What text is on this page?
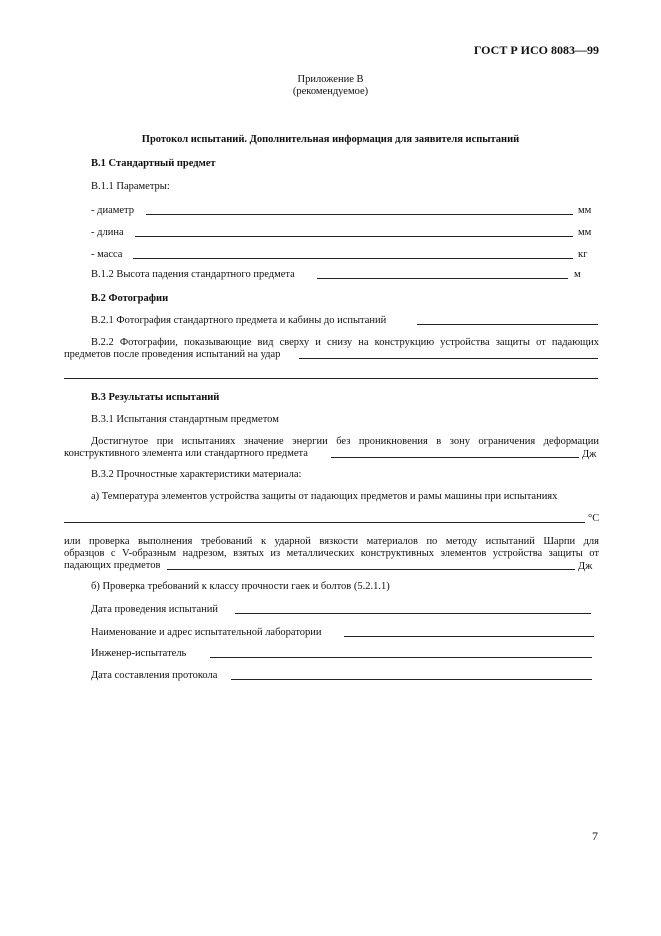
ГОСТ Р ИСО 8083—99
Приложение В
(рекомендуемое)
Протокол испытаний. Дополнительная информация для заявителя испытаний
В.1 Стандартный предмет
В.1.1 Параметры:
- диаметр	мм
- длина	мм
- масса	кг
В.1.2 Высота падения стандартного предмета	м
В.2 Фотографии
В.2.1 Фотография стандартного предмета и кабины до испытаний
В.2.2 Фотографии, показывающие вид сверху и снизу на конструкцию устройства защиты от падающих
предметов после проведения испытаний на удар
В.3 Результаты испытаний
В.3.1 Испытания стандартным предметом
Достигнутое при испытаниях значение энергии без проникновения в зону ограничения деформации
конструктивного элемента или стандартного предмета	Дж
В.3.2 Прочностные характеристики материала:
а) Температура элементов устройства защиты от падающих предметов и рамы машины при испытаниях
°С
или проверка выполнения требований к ударной вязкости материалов по методу испытаний Шарпи для
образцов с V-образным надрезом, взятых из металлических конструктивных элементов устройства защиты от
падающих предметов	Дж
б) Проверка требований к классу прочности гаек и болтов (5.2.1.1)
Дата проведения испытаний
Наименование и адрес испытательной лаборатории
Инженер-испытатель
Дата составления протокола
7
